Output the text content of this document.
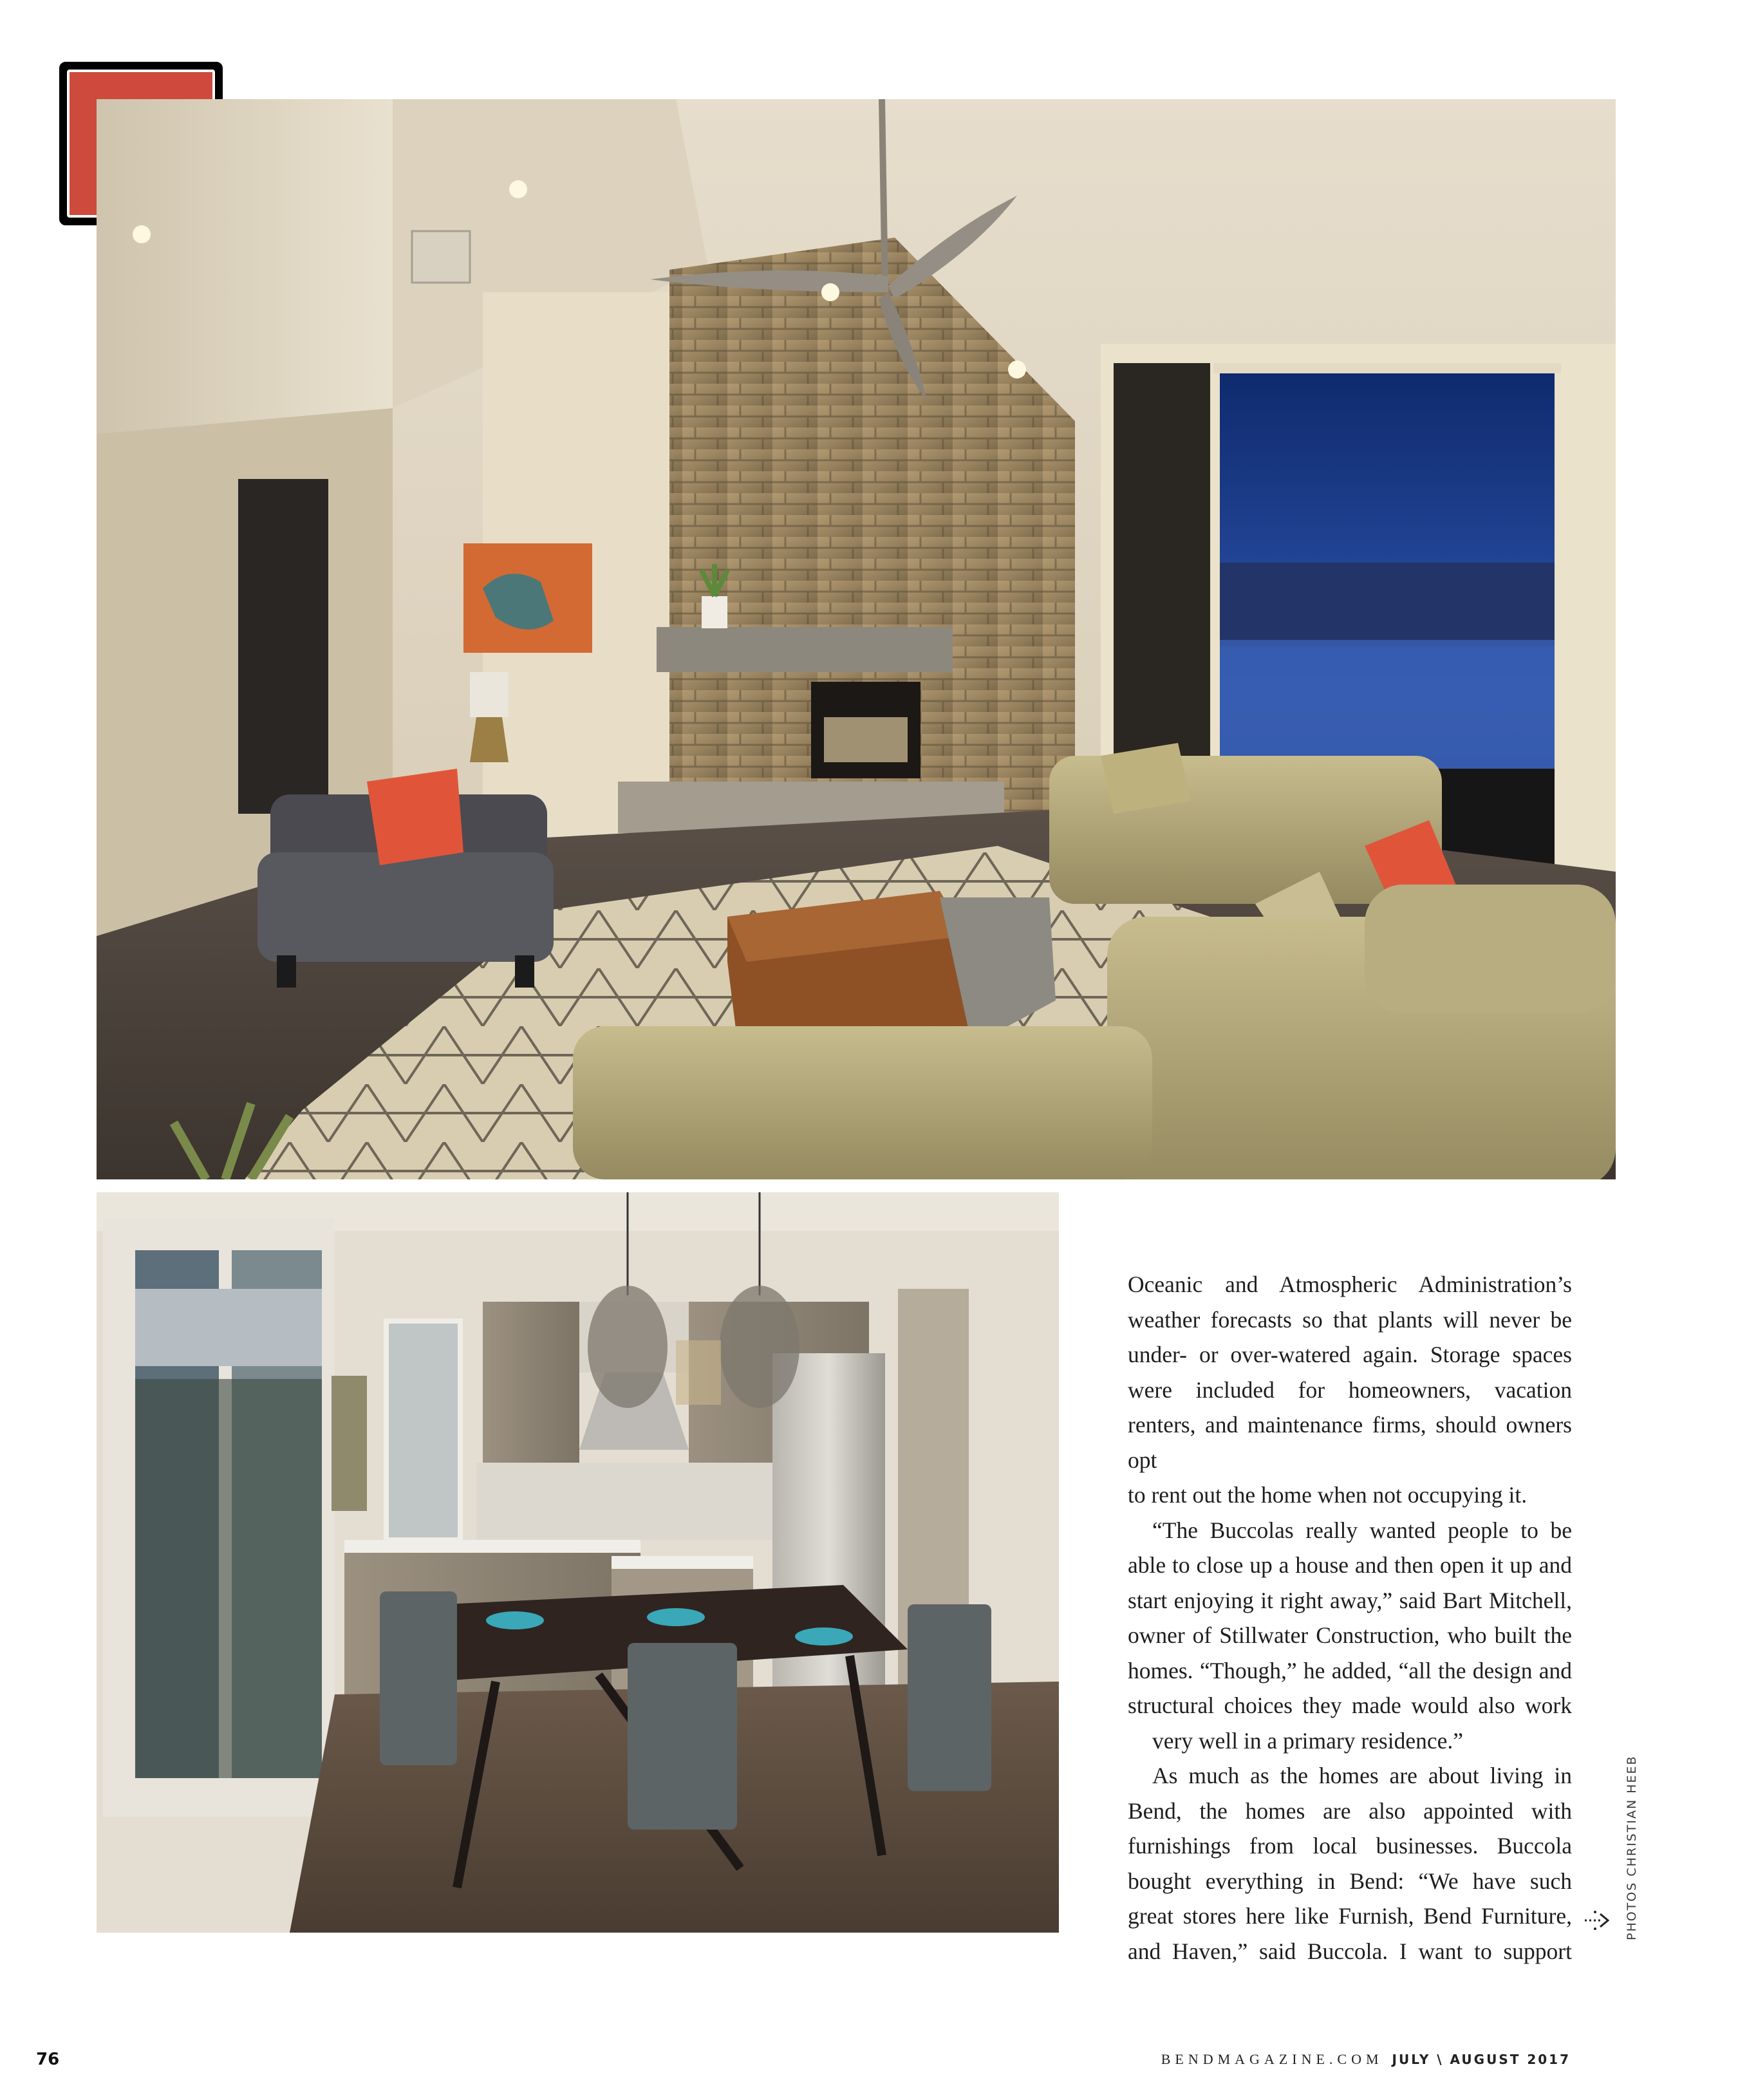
Oceanic and Atmospheric Administration’s weather forecasts so that plants will never be under- or over-watered again. Storage spaces were included for homeowners, vacation renters, and maintenance firms, should owners opt
to rent out the home when not occupying it.

“The Buccolas really wanted people to be able to close up a house and then open it up and start enjoying it right away,” said Bart Mitchell, owner of Stillwater Construction, who built the homes. “Though,” he added, “all the design and structural choices they made would also work
very well in a primary residence.”

As much as the homes are about living in Bend, the homes are also appointed with furnishings from local businesses. Buccola bought everything in Bend: “We have such great stores here like Furnish, Bend Furniture, and Haven,” said Buccola. I want to support

PHOTOS CHRISTIAN HEEB
76	BENDMAGAZINE.COM JULY \ AUGUST 2017
